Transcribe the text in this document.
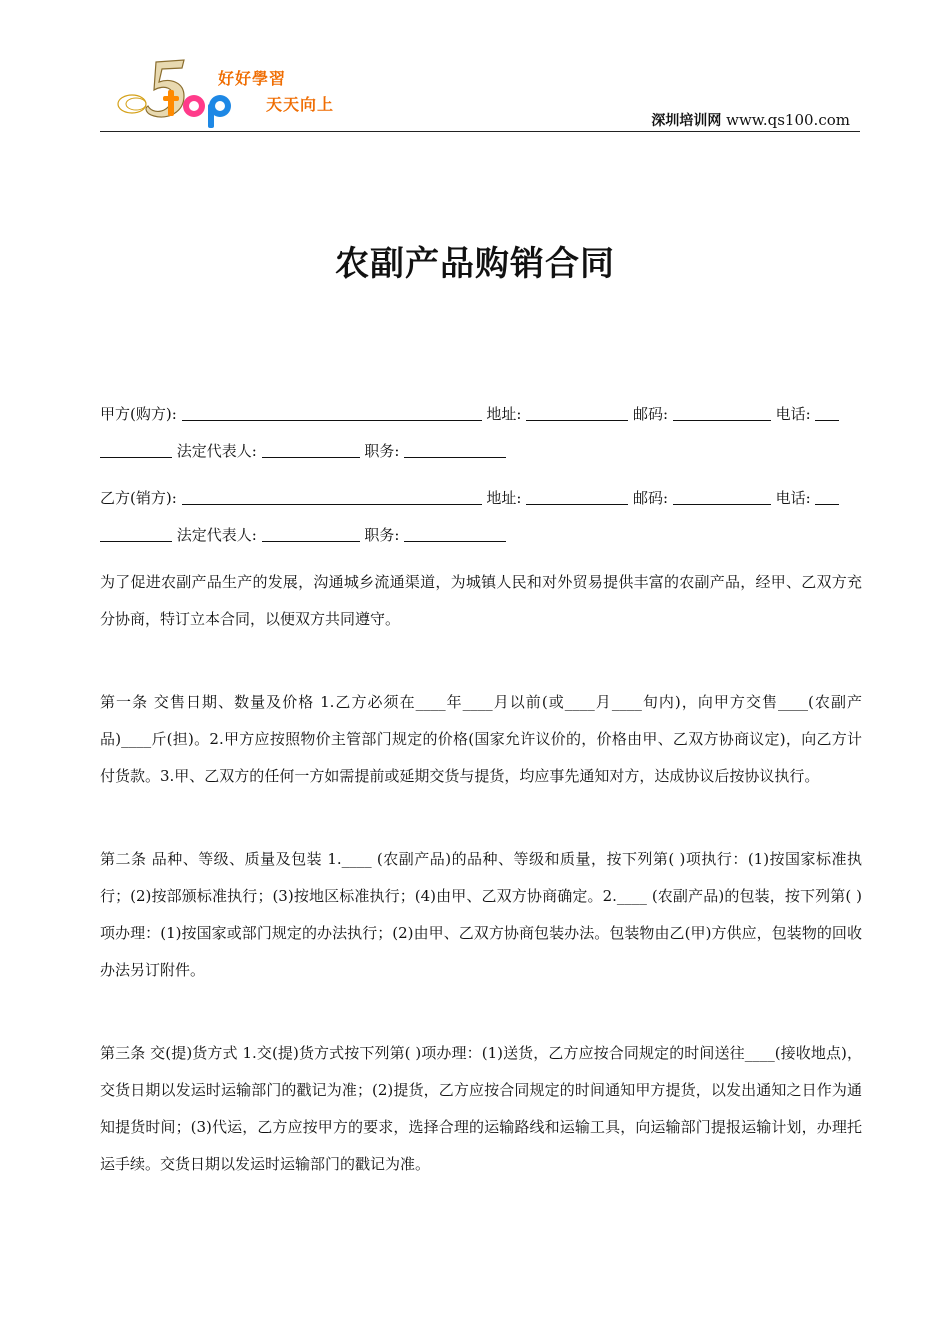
好好學習
天天向上
深圳培训网 www.qs100.com
农副产品购销合同

甲方(购方):	地址:	邮码:	电话:

法定代表人:	职务:

乙方(销方):	地址:	邮码:	电话:

法定代表人:	职务:

为了促进农副产品生产的发展，沟通城乡流通渠道，为城镇人民和对外贸易提供丰富的农副产品，经甲、乙双方充分协商，特订立本合同，以便双方共同遵守。

第一条 交售日期、数量及价格 1.乙方必须在____年____月以前(或____月____旬内)，向甲方交售____(农副产品)____斤(担)。2.甲方应按照物价主管部门规定的价格(国家允许议价的，价格由甲、乙双方协商议定)，向乙方计付货款。3.甲、乙双方的任何一方如需提前或延期交货与提货，均应事先通知对方，达成协议后按协议执行。

第二条 品种、等级、质量及包装 1.____ (农副产品)的品种、等级和质量，按下列第( )项执行：(1)按国家标准执行；(2)按部颁标准执行；(3)按地区标准执行；(4)由甲、乙双方协商确定。2.____ (农副产品)的包装，按下列第( )项办理：(1)按国家或部门规定的办法执行；(2)由甲、乙双方协商包装办法。包装物由乙(甲)方供应，包装物的回收办法另订附件。

第三条 交(提)货方式 1.交(提)货方式按下列第( )项办理：(1)送货，乙方应按合同规定的时间送往____(接收地点)，交货日期以发运时运输部门的戳记为准；(2)提货，乙方应按合同规定的时间通知甲方提货，以发出通知之日作为通知提货时间；(3)代运，乙方应按甲方的要求，选择合理的运输路线和运输工具，向运输部门提报运输计划，办理托运手续。交货日期以发运时运输部门的戳记为准。
